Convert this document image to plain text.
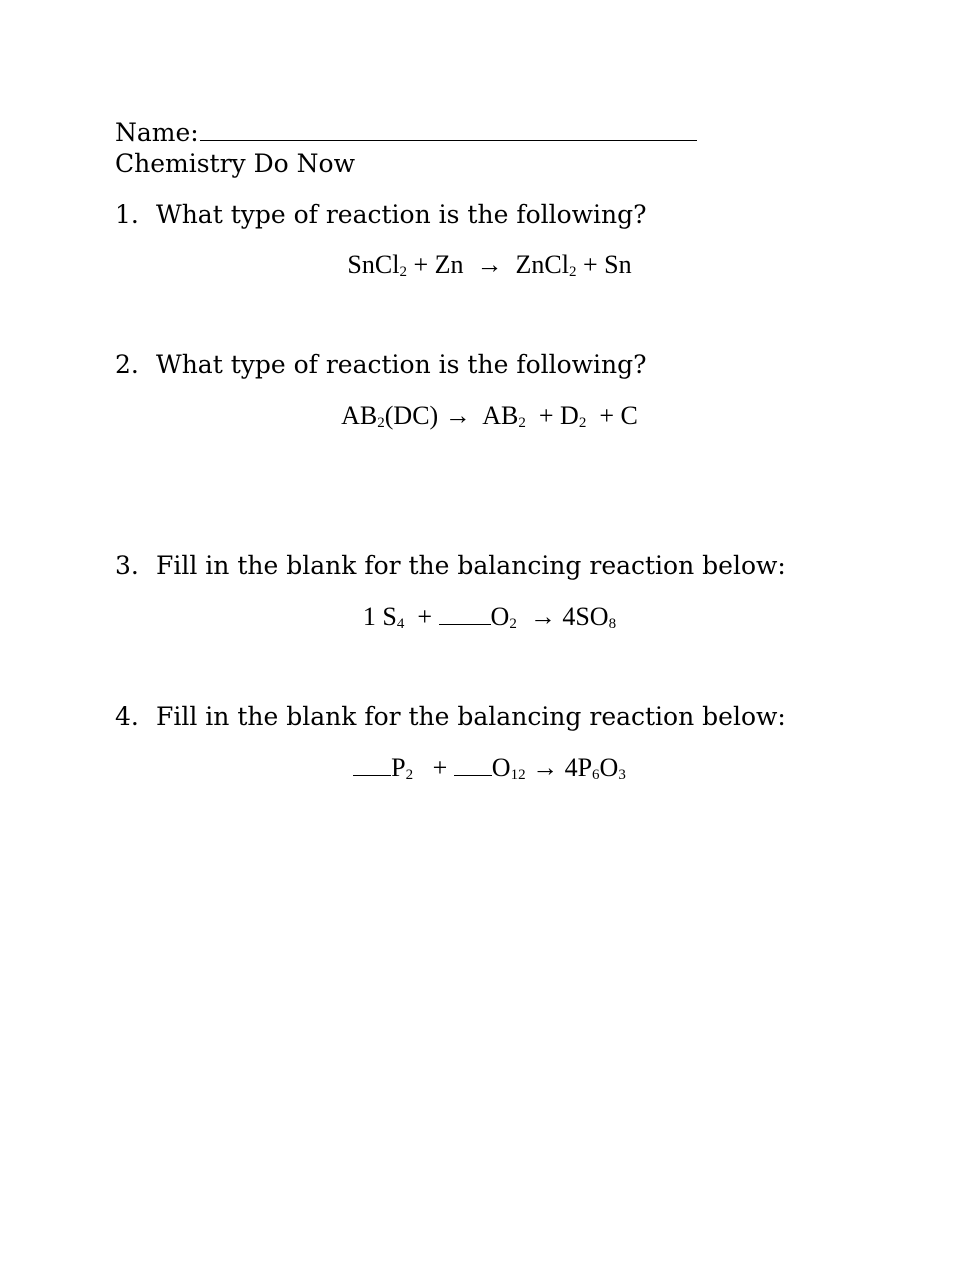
Name:
Chemistry Do Now
1. What type of reaction is the following?
SnCl$_2$ + Zn  →  ZnCl$_2$ + Sn
2. What type of reaction is the following?
$AB_2(DC) \to AB_2 + D_2 + C$
3. Fill in the blank for the balancing reaction below:
1 $S_4 + O_2 \to 4SO_8$
4. Fill in the blank for the balancing reaction below:
$P_2 + O_{12} \to 4P_6O_3$
